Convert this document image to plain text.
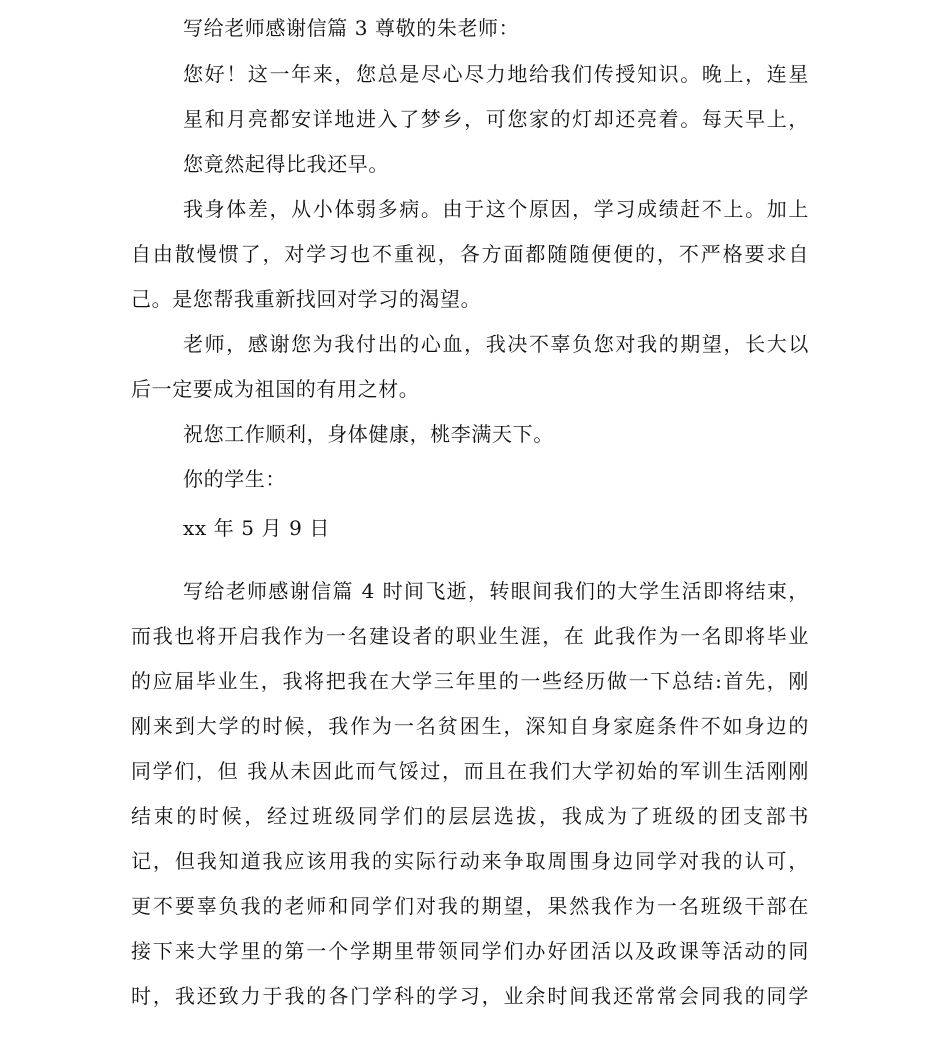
写给老师感谢信篇 3 尊敬的朱老师：
您好！这一年来，您总是尽心尽力地给我们传授知识。晚上，连星
星和月亮都安详地进入了梦乡，可您家的灯却还亮着。每天早上，
您竟然起得比我还早。
我身体差，从小体弱多病。由于这个原因，学习成绩赶不上。加上
自由散慢惯了，对学习也不重视，各方面都随随便便的，不严格要求自
己。是您帮我重新找回对学习的渴望。
老师，感谢您为我付出的心血，我决不辜负您对我的期望，长大以
后一定要成为祖国的有用之材。
祝您工作顺利，身体健康，桃李满天下。
你的学生：
xx 年 5 月 9 日
写给老师感谢信篇 4 时间飞逝，转眼间我们的大学生活即将结束，
而我也将开启我作为一名建设者的职业生涯，在 此我作为一名即将毕业
的应届毕业生，我将把我在大学三年里的一些经历做一下总结:首先，刚
刚来到大学的时候，我作为一名贫困生，深知自身家庭条件不如身边的
同学们，但 我从未因此而气馁过，而且在我们大学初始的军训生活刚刚
结束的时候，经过班级同学们的层层选拔，我成为了班级的团支部书
记，但我知道我应该用我的实际行动来争取周围身边同学对我的认可，
更不要辜负我的老师和同学们对我的期望，果然我作为一名班级干部在
接下来大学里的第一个学期里带领同学们办好团活以及政课等活动的同
时，我还致力于我的各门学科的学习，业余时间我还常常会同我的同学
